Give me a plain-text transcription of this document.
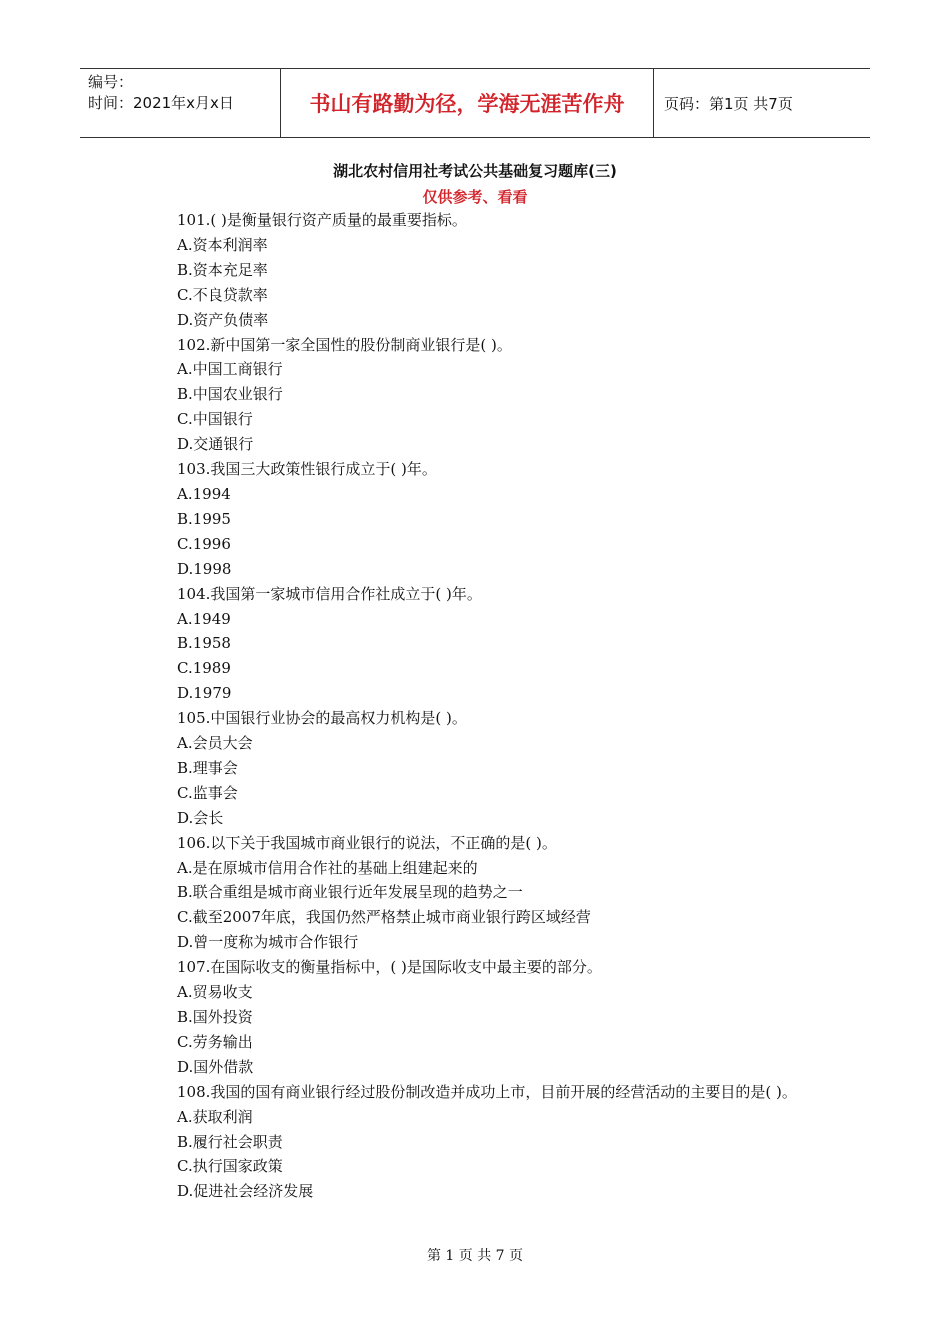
编号：
时间：2021年x月x日	书山有路勤为径，学海无涯苦作舟	页码：第1页 共7页
湖北农村信用社考试公共基础复习题库(三)
仅供参考、看看

101.( )是衡量银行资产质量的最重要指标。

A.资本利润率

B.资本充足率

C.不良贷款率

D.资产负债率

102.新中国第一家全国性的股份制商业银行是( )。

A.中国工商银行

B.中国农业银行

C.中国银行

D.交通银行

103.我国三大政策性银行成立于( )年。

A.1994

B.1995

C.1996

D.1998

104.我国第一家城市信用合作社成立于( )年。

A.1949

B.1958

C.1989

D.1979

105.中国银行业协会的最高权力机构是( )。

A.会员大会

B.理事会

C.监事会

D.会长

106.以下关于我国城市商业银行的说法，不正确的是( )。

A.是在原城市信用合作社的基础上组建起来的

B.联合重组是城市商业银行近年发展呈现的趋势之一

C.截至2007年底，我国仍然严格禁止城市商业银行跨区域经营

D.曾一度称为城市合作银行

107.在国际收支的衡量指标中，( )是国际收支中最主要的部分。

A.贸易收支

B.国外投资

C.劳务输出

D.国外借款

108.我国的国有商业银行经过股份制改造并成功上市，目前开展的经营活动的主要目的是( )。

A.获取利润

B.履行社会职责

C.执行国家政策

D.促进社会经济发展

第 1 页 共 7 页
